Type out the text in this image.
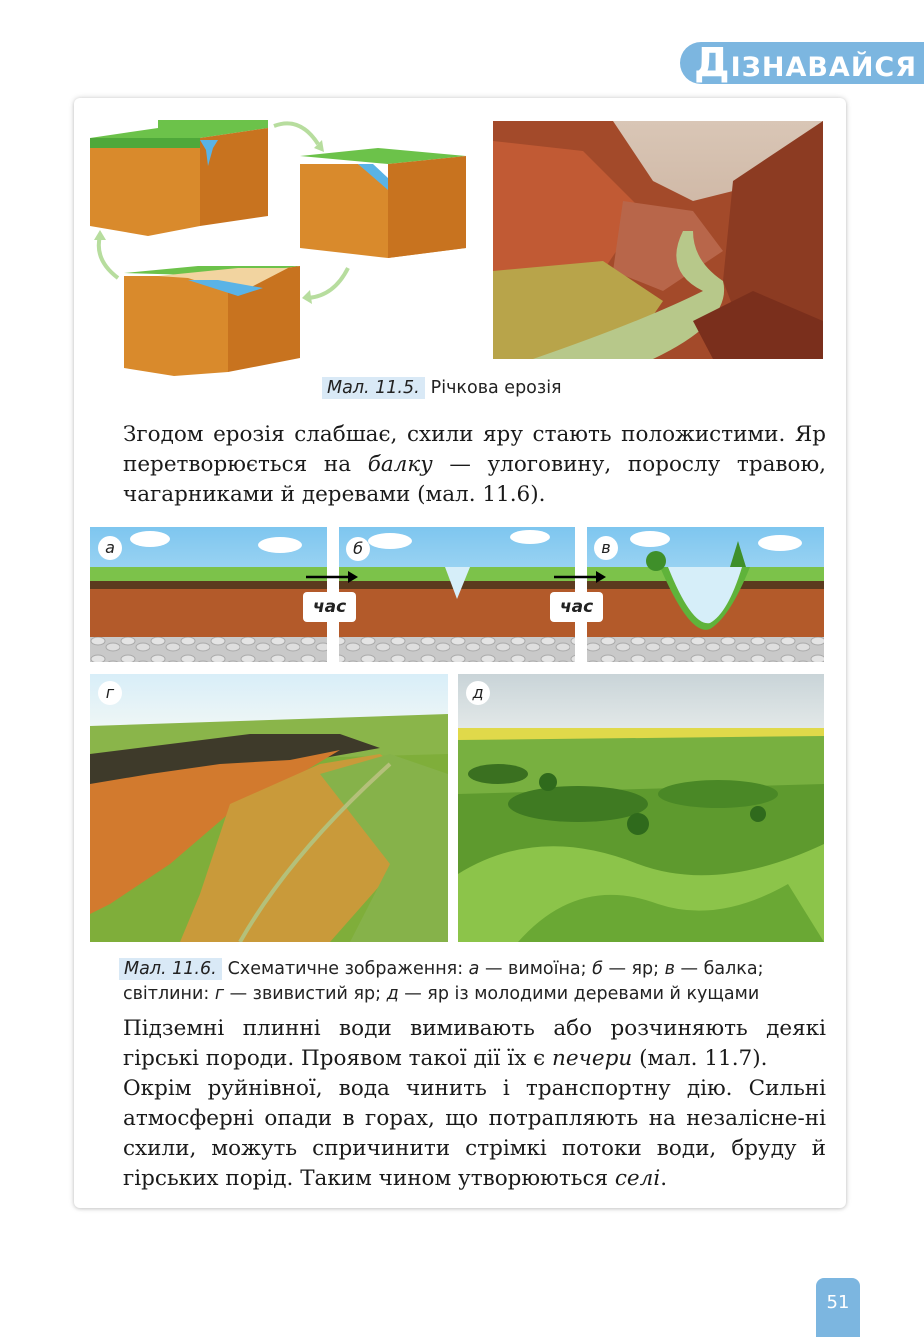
ДІЗНАВАЙСЯ
Мал. 11.5. Річкова ерозія

Згодом ерозія слабшає, схили яру стають положистими. Яр перетворюється на балку — улоговину, порослу травою, чагарниками й деревами (мал. 11.6).

а	б	в
час	час
г	д
Мал. 11.6. Схематичне зображення: а — вимоїна; б — яр; в — балка;
світлини: г — звивистий яр; д — яр із молодими деревами й кущами

Підземні плинні води вимивають або розчиняють деякі гірські породи. Проявом такої дії їх є печери (мал. 11.7).

Окрім руйнівної, вода чинить і транспортну дію. Сильні атмосферні опади в горах, що потрапляють на незалісне-ні схили, можуть спричинити стрімкі потоки води, бруду й гірських порід. Таким чином утворюються селі.

51
